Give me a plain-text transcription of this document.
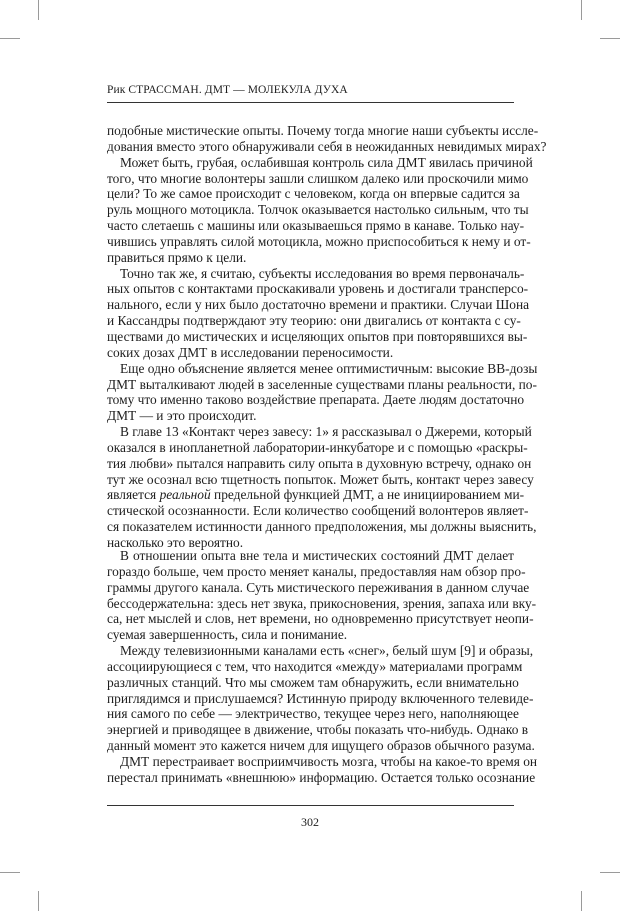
Рик СТРАССМАН. ДМТ — МОЛЕКУЛА ДУХА
подобные мистические опыты. Почему тогда многие наши субъекты иссле-
дования вместо этого обнаруживали себя в неожиданных невидимых мирах?
Может быть, грубая, ослабившая контроль сила ДМТ явилась причиной
того, что многие волонтеры зашли слишком далеко или проскочили мимо
цели? То же самое происходит с человеком, когда он впервые садится за
руль мощного мотоцикла. Толчок оказывается настолько сильным, что ты
часто слетаешь с машины или оказываешься прямо в канаве. Только нау-
чившись управлять силой мотоцикла, можно приспособиться к нему и от-
правиться прямо к цели.
Точно так же, я считаю, субъекты исследования во время первоначаль-
ных опытов с контактами проскакивали уровень и достигали трансперсо-
нального, если у них было достаточно времени и практики. Случаи Шона
и Кассандры подтверждают эту теорию: они двигались от контакта с су-
ществами до мистических и исцеляющих опытов при повторявшихся вы-
соких дозах ДМТ в исследовании переносимости.
Еще одно объяснение является менее оптимистичным: высокие ВВ-дозы
ДМТ выталкивают людей в заселенные существами планы реальности, по-
тому что именно таково воздействие препарата. Даете людям достаточно
ДМТ — и это происходит.
В главе 13 «Контакт через завесу: 1» я рассказывал о Джереми, который
оказался в инопланетной лаборатории-инкубаторе и с помощью «раскры-
тия любви» пытался направить силу опыта в духовную встречу, однако он
тут же осознал всю тщетность попыток. Может быть, контакт через завесу
является реальной предельной функцией ДМТ, а не инициированием ми-
стической осознанности. Если количество сообщений волонтеров являет-
ся показателем истинности данного предположения, мы должны выяснить,
насколько это вероятно.
В отношении опыта вне тела и мистических состояний ДМТ делает
гораздо больше, чем просто меняет каналы, предоставляя нам обзор про-
граммы другого канала. Суть мистического переживания в данном случае
бессодержательна: здесь нет звука, прикосновения, зрения, запаха или вку-
са, нет мыслей и слов, нет времени, но одновременно присутствует неопи-
суемая завершенность, сила и понимание.
Между телевизионными каналами есть «снег», белый шум [9] и образы,
ассоциирующиеся с тем, что находится «между» материалами программ
различных станций. Что мы сможем там обнаружить, если внимательно
приглядимся и прислушаемся? Истинную природу включенного телевиде-
ния самого по себе — электричество, текущее через него, наполняющее
энергией и приводящее в движение, чтобы показать что-нибудь. Однако в
данный момент это кажется ничем для ищущего образов обычного разума.
ДМТ перестраивает восприимчивость мозга, чтобы на какое-то время он
перестал принимать «внешнюю» информацию. Остается только осознание
302
